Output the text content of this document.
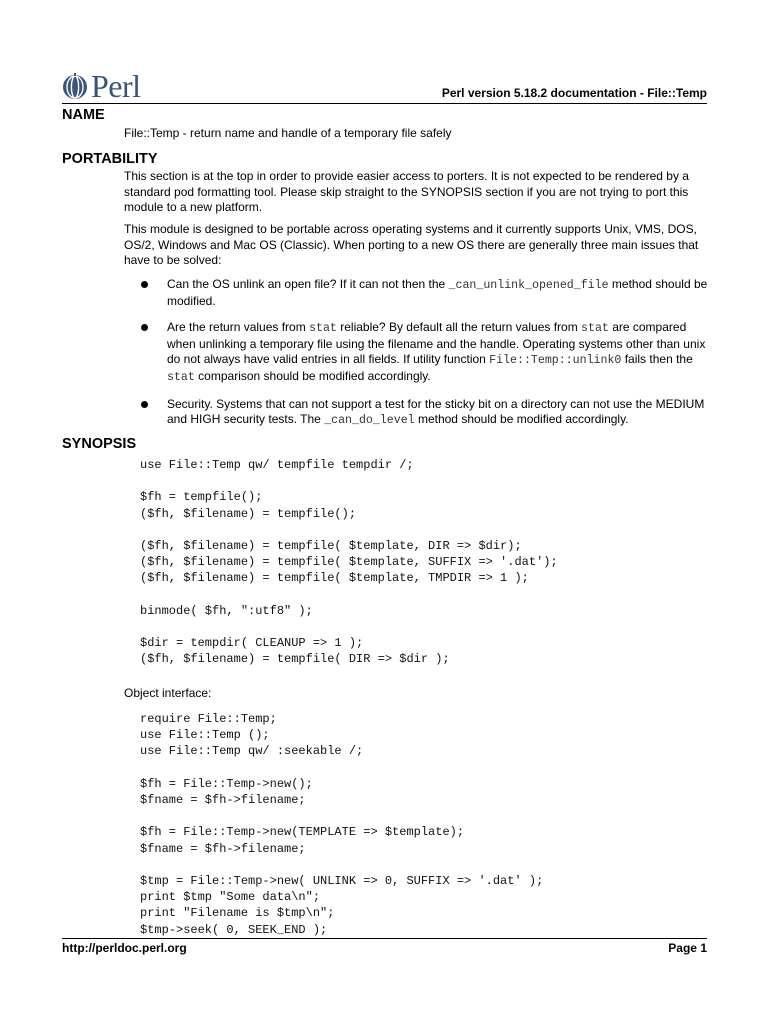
Perl	Perl version 5.18.2 documentation - File::Temp
NAME

File::Temp - return name and handle of a temporary file safely

PORTABILITY

This section is at the top in order to provide easier access to porters. It is not expected to be rendered by a standard pod formatting tool. Please skip straight to the SYNOPSIS section if you are not trying to port this module to a new platform.

This module is designed to be portable across operating systems and it currently supports Unix, VMS, DOS, OS/2, Windows and Mac OS (Classic). When porting to a new OS there are generally three main issues that have to be solved:

Can the OS unlink an open file? If it can not then the _can_unlink_opened_file method should be modified.
Are the return values from stat reliable? By default all the return values from stat are compared when unlinking a temporary file using the filename and the handle. Operating systems other than unix do not always have valid entries in all fields. If utility function File::Temp::unlink0 fails then the stat comparison should be modified accordingly.
Security. Systems that can not support a test for the sticky bit on a directory can not use the MEDIUM and HIGH security tests. The _can_do_level method should be modified accordingly.
SYNOPSIS
use File::Temp qw/ tempfile tempdir /;

$fh = tempfile();
($fh, $filename) = tempfile();

($fh, $filename) = tempfile( $template, DIR => $dir);
($fh, $filename) = tempfile( $template, SUFFIX => '.dat');
($fh, $filename) = tempfile( $template, TMPDIR => 1 );

binmode( $fh, ":utf8" );

$dir = tempdir( CLEANUP => 1 );
($fh, $filename) = tempfile( DIR => $dir );

Object interface:

require File::Temp;
use File::Temp ();
use File::Temp qw/ :seekable /;

$fh = File::Temp->new();
$fname = $fh->filename;

$fh = File::Temp->new(TEMPLATE => $template);
$fname = $fh->filename;

$tmp = File::Temp->new( UNLINK => 0, SUFFIX => '.dat' );
print $tmp "Some data\n";
print "Filename is $tmp\n";
$tmp->seek( 0, SEEK_END );
http://perldoc.perl.org	Page 1
